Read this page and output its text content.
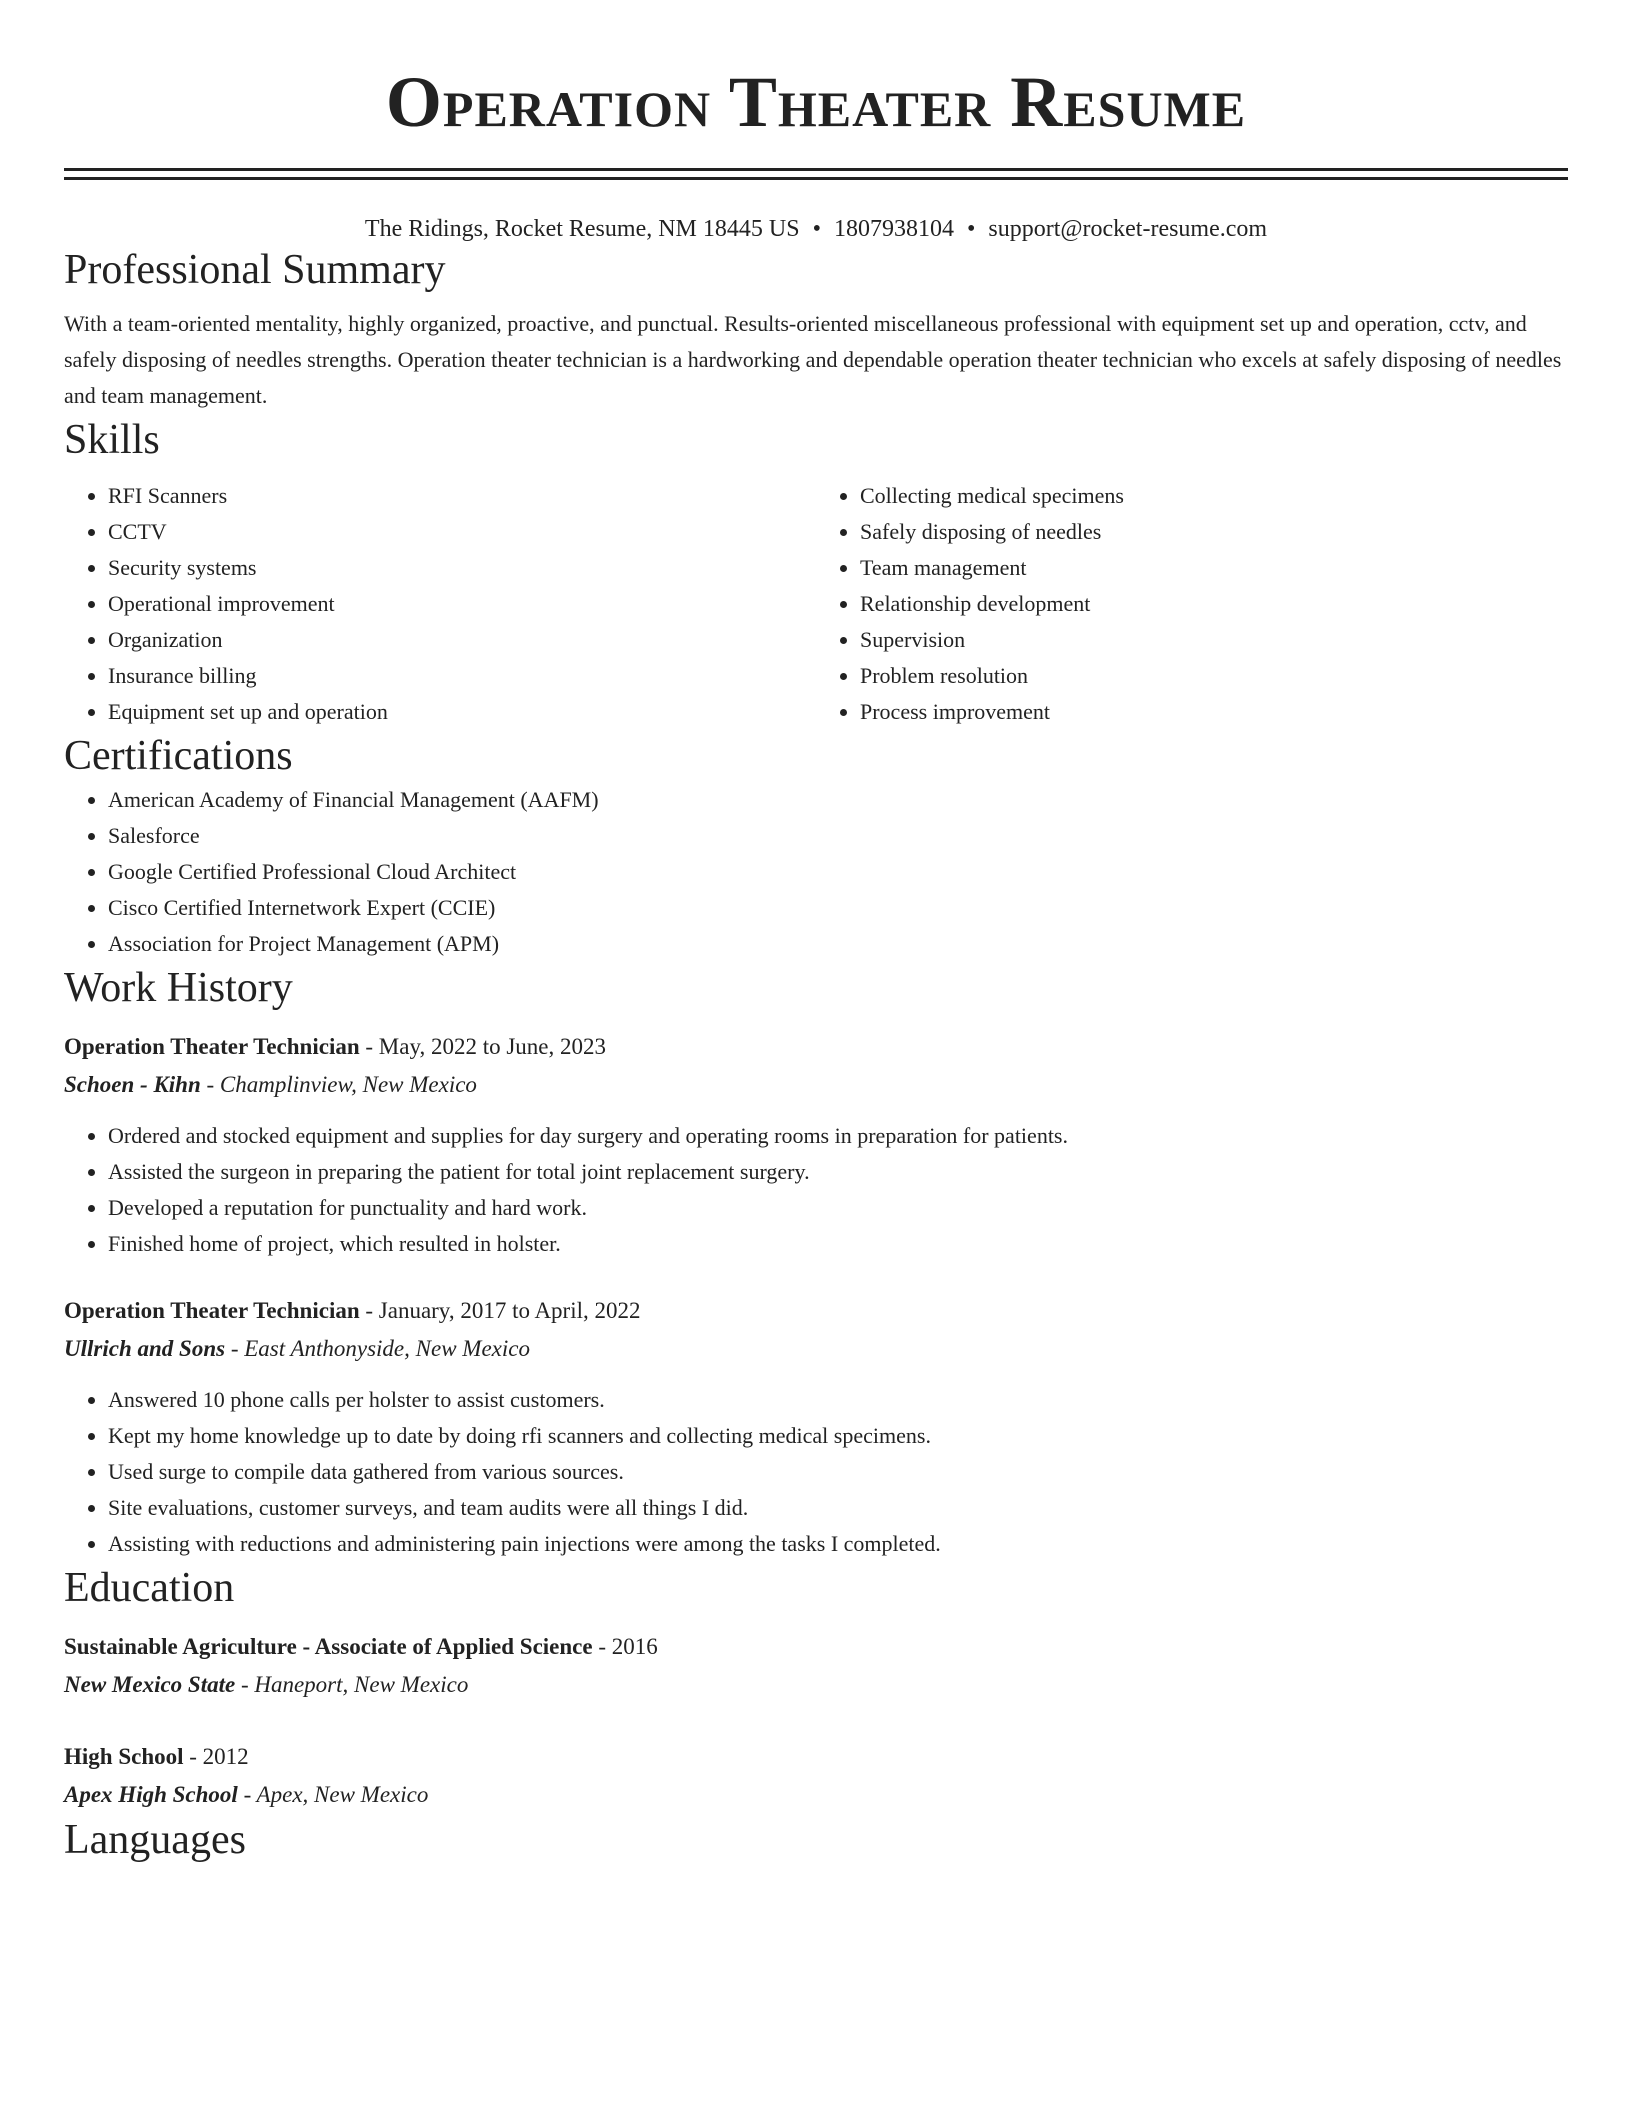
Operation Theater Resume
The Ridings, Rocket Resume, NM 18445 US • 1807938104 • support@rocket-resume.com
Professional Summary

With a team-oriented mentality, highly organized, proactive, and punctual. Results-oriented miscellaneous professional with equipment set up and operation, cctv, and safely disposing of needles strengths. Operation theater technician is a hardworking and dependable operation theater technician who excels at safely disposing of needles and team management.

Skills
• RFI Scanners
• CCTV
• Security systems
• Operational improvement
• Organization
• Insurance billing
• Equipment set up and operation
• Collecting medical specimens
• Safely disposing of needles
• Team management
• Relationship development
• Supervision
• Problem resolution
• Process improvement
Certifications
• American Academy of Financial Management (AAFM)
• Salesforce
• Google Certified Professional Cloud Architect
• Cisco Certified Internetwork Expert (CCIE)
• Association for Project Management (APM)
Work History
Operation Theater Technician - May, 2022 to June, 2023
Schoen - Kihn - Champlinview, New Mexico
• Ordered and stocked equipment and supplies for day surgery and operating rooms in preparation for patients.
• Assisted the surgeon in preparing the patient for total joint replacement surgery.
• Developed a reputation for punctuality and hard work.
• Finished home of project, which resulted in holster.
Operation Theater Technician - January, 2017 to April, 2022
Ullrich and Sons - East Anthonyside, New Mexico
• Answered 10 phone calls per holster to assist customers.
• Kept my home knowledge up to date by doing rfi scanners and collecting medical specimens.
• Used surge to compile data gathered from various sources.
• Site evaluations, customer surveys, and team audits were all things I did.
• Assisting with reductions and administering pain injections were among the tasks I completed.
Education
Sustainable Agriculture - Associate of Applied Science - 2016
New Mexico State - Haneport, New Mexico
High School - 2012
Apex High School - Apex, New Mexico
Languages
